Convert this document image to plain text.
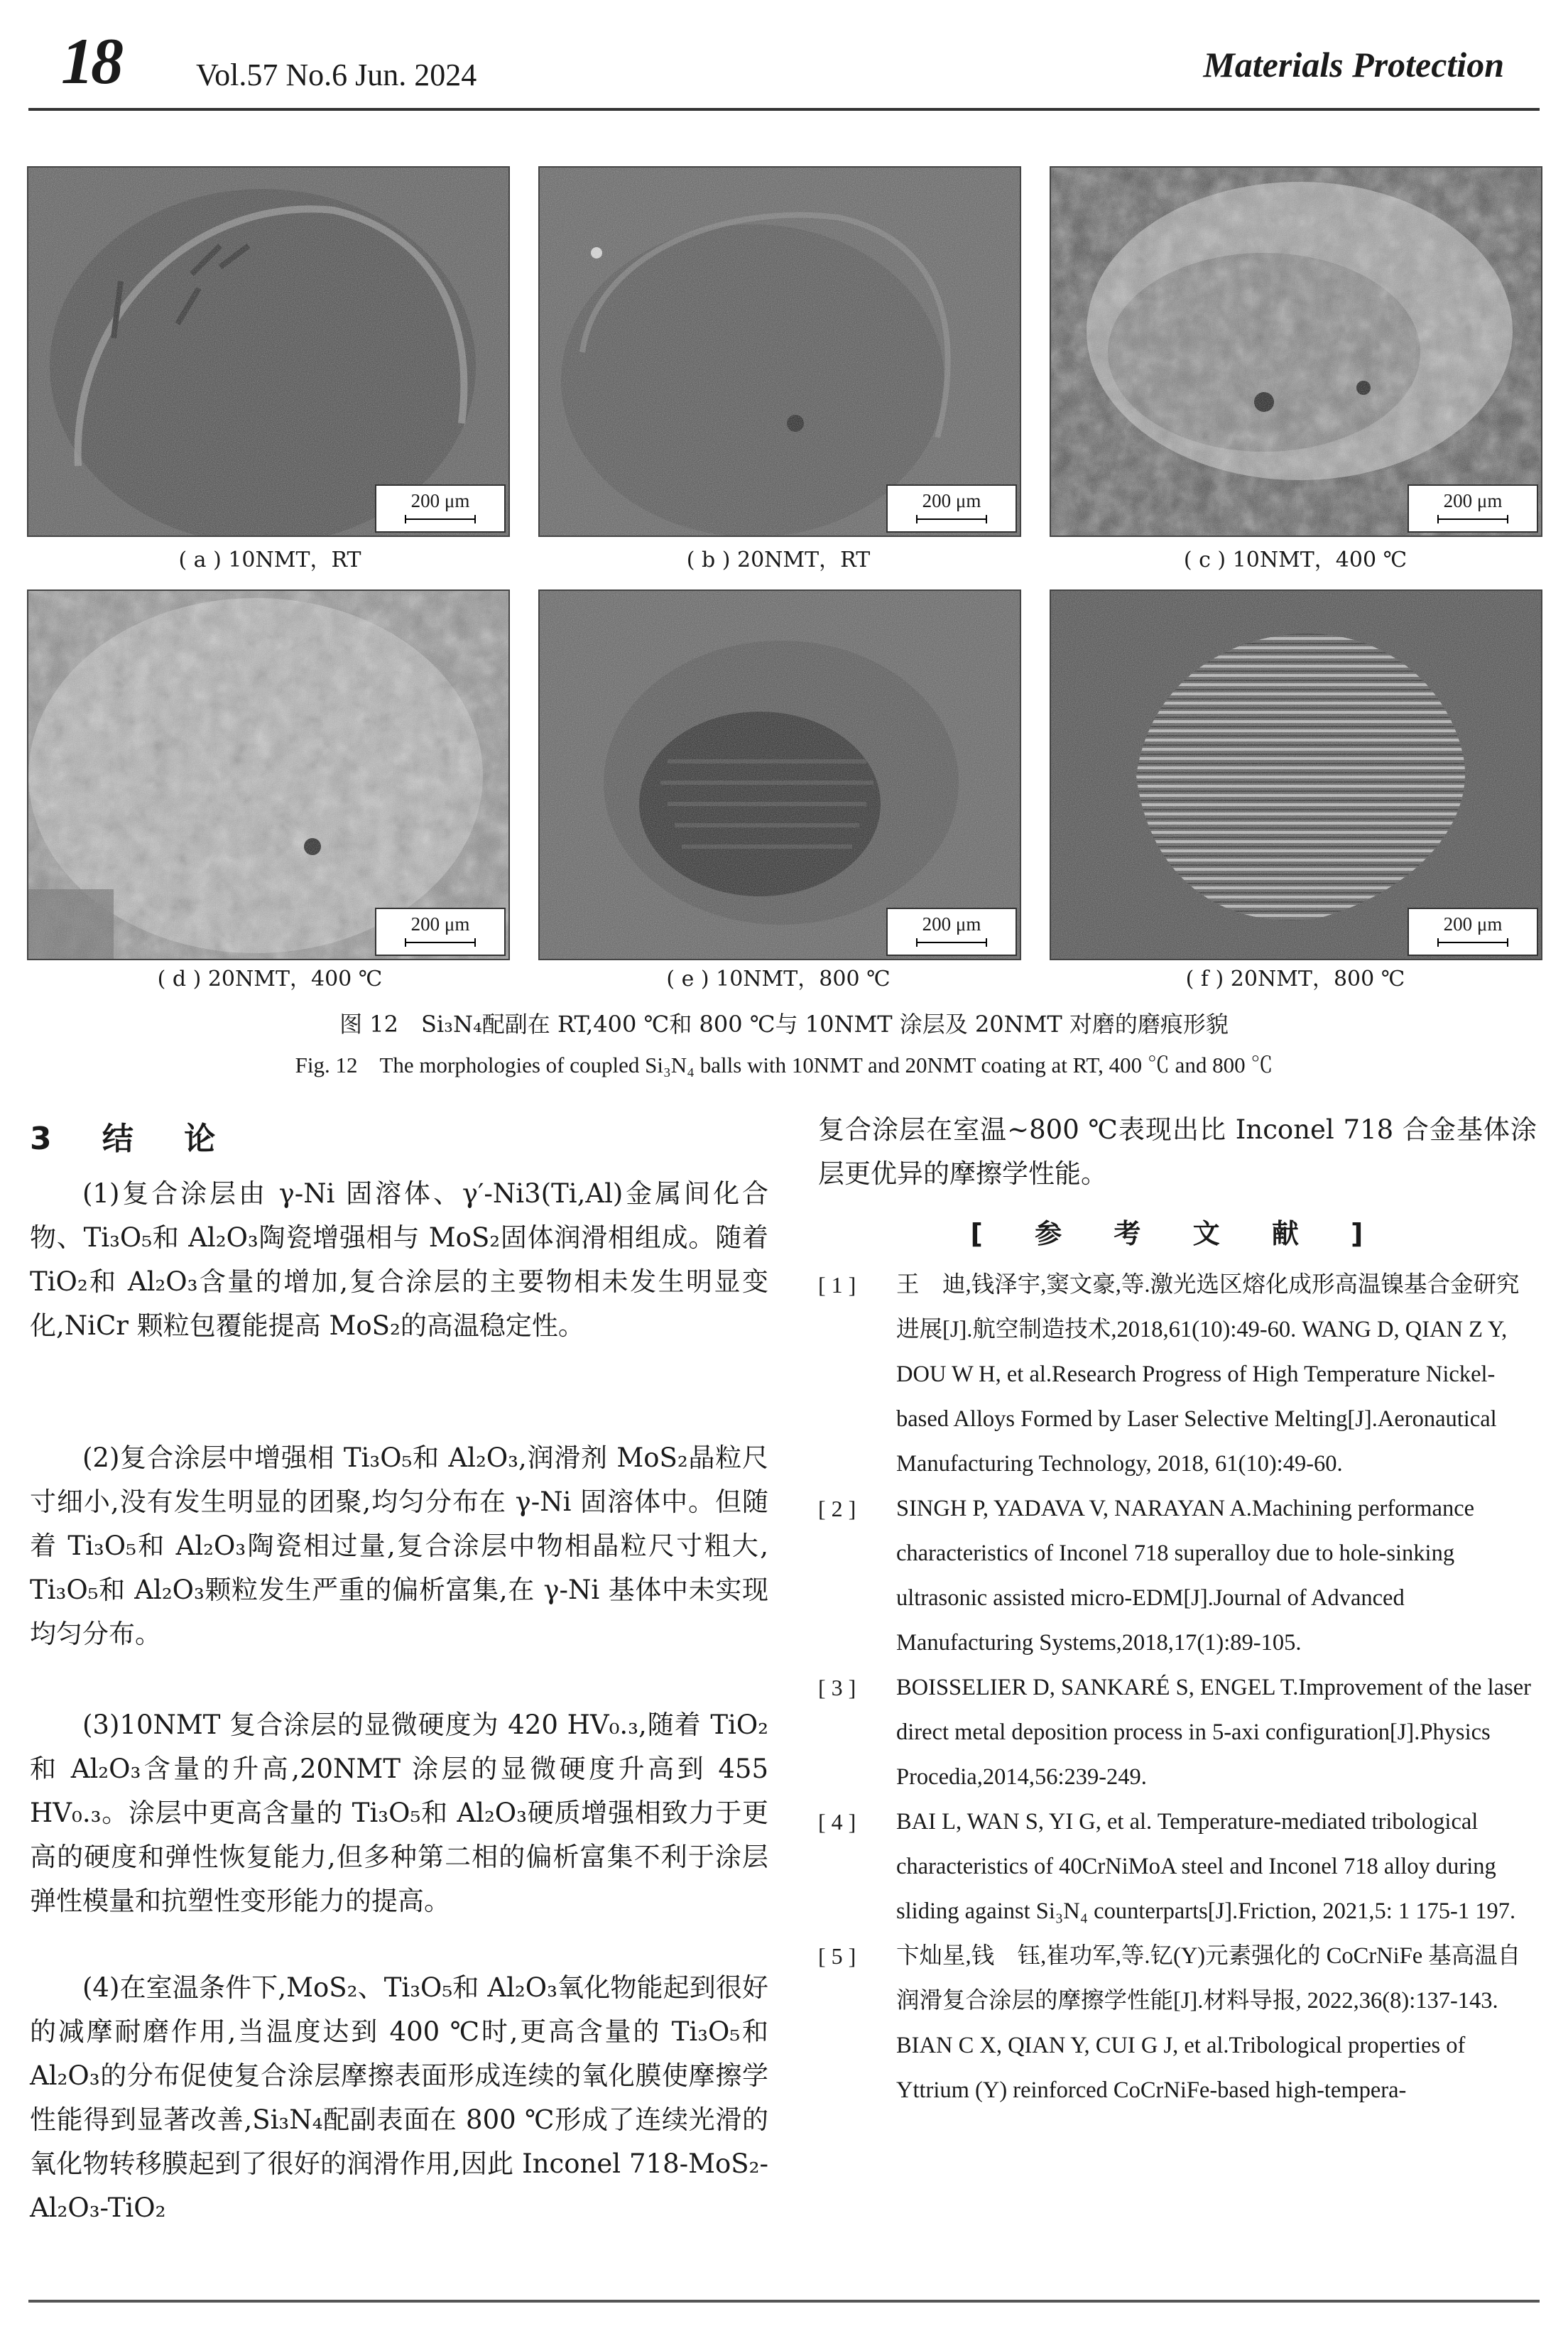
18 Vol.57 No.6 Jun. 2024	Materials Protection
200 μm
( a ) 10NMT，RT
200 μm
( b ) 20NMT，RT
200 μm
( c ) 10NMT，400 ℃
200 μm
( d ) 20NMT，400 ℃
200 μm
( e ) 10NMT，800 ℃
200 μm
( f ) 20NMT，800 ℃
图 12　Si₃N₄配副在 RT,400 ℃和 800 ℃与 10NMT 涂层及 20NMT 对磨的磨痕形貌
Fig. 12　The morphologies of coupled Si₃N₄ balls with 10NMT and 20NMT coating at RT, 400 ℃ and 800 ℃
3 结 论
(1)复合涂层由 γ-Ni 固溶体、γ′-Ni3(Ti,Al)金属间化合物、Ti₃O₅和 Al₂O₃陶瓷增强相与 MoS₂固体润滑相组成。随着 TiO₂和 Al₂O₃含量的增加,复合涂层的主要物相未发生明显变化,NiCr 颗粒包覆能提高 MoS₂的高温稳定性。
(2)复合涂层中增强相 Ti₃O₅和 Al₂O₃,润滑剂 MoS₂晶粒尺寸细小,没有发生明显的团聚,均匀分布在 γ-Ni 固溶体中。但随着 Ti₃O₅和 Al₂O₃陶瓷相过量,复合涂层中物相晶粒尺寸粗大, Ti₃O₅和 Al₂O₃颗粒发生严重的偏析富集,在 γ-Ni 基体中未实现均匀分布。
(3)10NMT 复合涂层的显微硬度为 420 HV₀.₃,随着 TiO₂和 Al₂O₃含量的升高,20NMT 涂层的显微硬度升高到 455 HV₀.₃。涂层中更高含量的 Ti₃O₅和 Al₂O₃硬质增强相致力于更高的硬度和弹性恢复能力,但多种第二相的偏析富集不利于涂层弹性模量和抗塑性变形能力的提高。
(4)在室温条件下,MoS₂、Ti₃O₅和 Al₂O₃氧化物能起到很好的减摩耐磨作用,当温度达到 400 ℃时,更高含量的 Ti₃O₅和 Al₂O₃的分布促使复合涂层摩擦表面形成连续的氧化膜使摩擦学性能得到显著改善,Si₃N₄配副表面在 800 ℃形成了连续光滑的氧化物转移膜起到了很好的润滑作用,因此 Inconel 718-MoS₂-Al₂O₃-TiO₂
复合涂层在室温~800 ℃表现出比 Inconel 718 合金基体涂层更优异的摩擦学性能。
[ 参 考 文 献 ]
[ 1 ]	王　迪,钱泽宇,窦文豪,等.激光选区熔化成形高温镍基合金研究进展[J].航空制造技术,2018,61(10):49-60. WANG D, QIAN Z Y, DOU W H, et al.Research Progress of High Temperature Nickel-based Alloys Formed by Laser Selective Melting[J].Aeronautical Manufacturing Technology, 2018, 61(10):49-60.
[ 2 ]	SINGH P, YADAVA V, NARAYAN A.Machining performance characteristics of Inconel 718 superalloy due to hole-sinking ultrasonic assisted micro-EDM[J].Journal of Advanced Manufacturing Systems,2018,17(1):89-105.
[ 3 ]	BOISSELIER D, SANKARÉ S, ENGEL T.Improvement of the laser direct metal deposition process in 5-axi configuration[J].Physics Procedia,2014,56:239-249.
[ 4 ]	BAI L, WAN S, YI G, et al. Temperature-mediated tribological characteristics of 40CrNiMoA steel and Inconel 718 alloy during sliding against Si₃N₄ counterparts[J].Friction, 2021,5: 1 175-1 197.
[ 5 ]	卞灿星,钱　钰,崔功军,等.钇(Y)元素强化的 CoCrNiFe 基高温自润滑复合涂层的摩擦学性能[J].材料导报, 2022,36(8):137-143. BIAN C X, QIAN Y, CUI G J, et al.Tribological properties of Yttrium (Y) reinforced CoCrNiFe-based high-tempera-
